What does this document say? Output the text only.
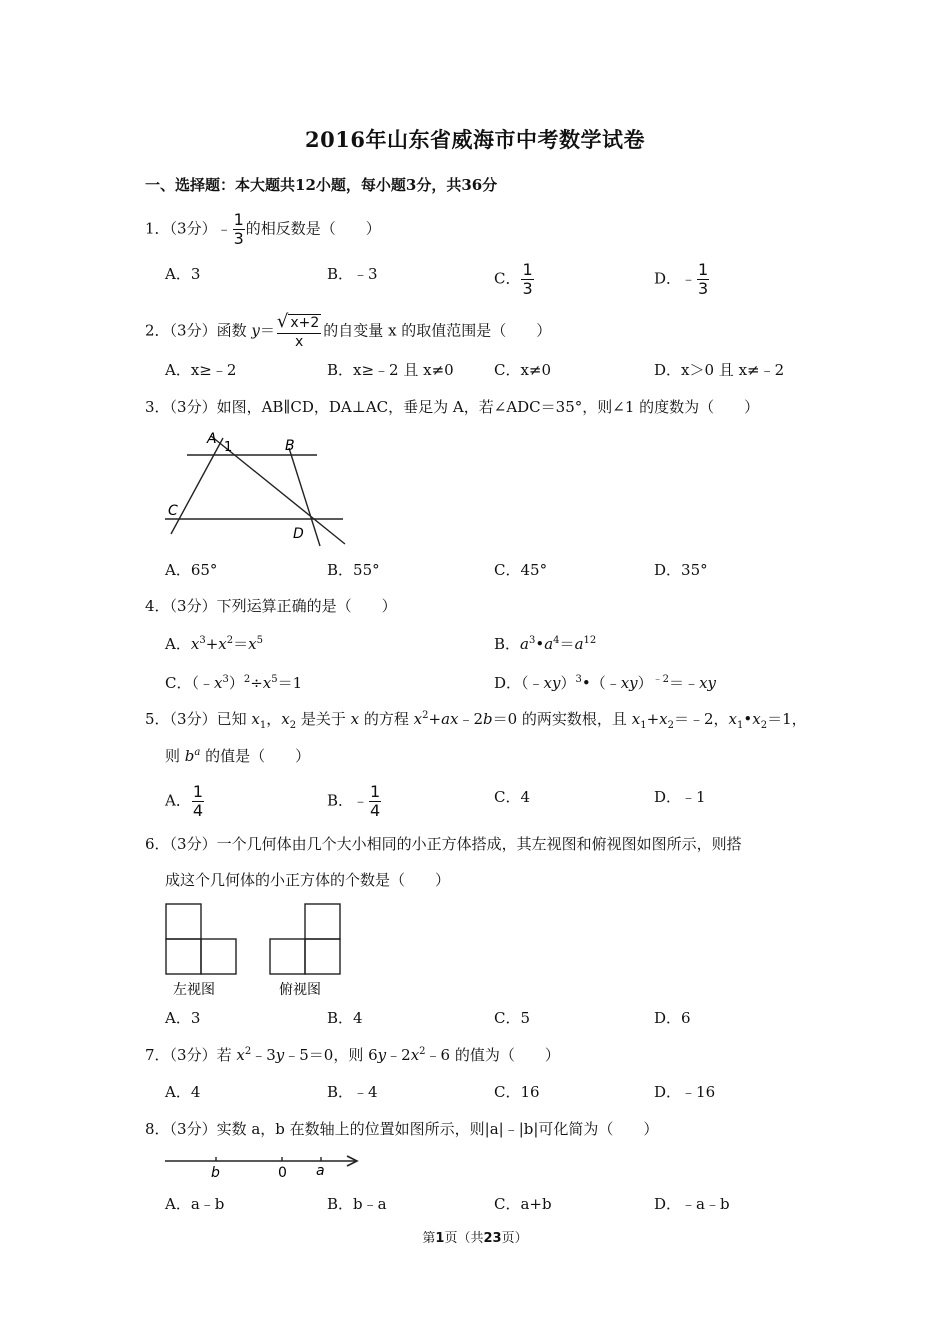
2016年山东省威海市中考数学试卷
一、选择题：本大题共12小题，每小题3分，共36分
1．（3分）﹣ $\frac{1}{3}$ 的相反数是（　　）
A．3	B．﹣3	C． $\frac{1}{3}$	D．﹣ $\frac{1}{3}$
2．（3分）函数 $y= \frac{√ x+2}{x}$ 的自变量 x 的取值范围是（　　）
A．x≥﹣2	B．x≥﹣2 且 x≠0	C．x≠0	D．x＞0 且 x≠﹣2
3．（3分）如图，AB∥CD，DA⊥AC，垂足为 A，若∠ADC＝35°，则∠1 的度数为（　　）
A
1	B
C
D
A．65°	B．55°	C．45°	D．35°
4．（3分）下列运算正确的是（　　）
A．$x^3+x^2=x^5$	B．$a^3•a^4=a^{12}$
C．$(﹣x^3)^2\div x^5=1$	D．（﹣xy）$^3$•（﹣xy）$^{﹣2}$＝﹣xy
5．（3分）已知 $x_1$，$x_2$ 是关于 x 的方程 $x^2+ax﹣2b=0$ 的两实数根，且 $x_1+x_2=﹣2$，$x_1•x_2=1$，
则 $b^a$ 的值是（　　）
A． $\frac{1}{4}$	B．﹣ $\frac{1}{4}$	C．4	D．﹣1
6．（3分）一个几何体由几个大小相同的小正方体搭成，其左视图和俯视图如图所示，则搭
成这个几何体的小正方体的个数是（　　）
左视图	俯视图
A．3	B．4	C．5	D．6
7．（3分）若 $x^2﹣3y﹣5=0$，则 $6y﹣2x^2﹣6$ 的值为（　　）
A．4	B．﹣4	C．16	D．﹣16
8．（3分）实数 a，b 在数轴上的位置如图所示，则|a|﹣|b|可化简为（　　）
b	0 a
A．a﹣b	B．b﹣a	C．a+b	D．﹣a﹣b
第1页（共23页）
